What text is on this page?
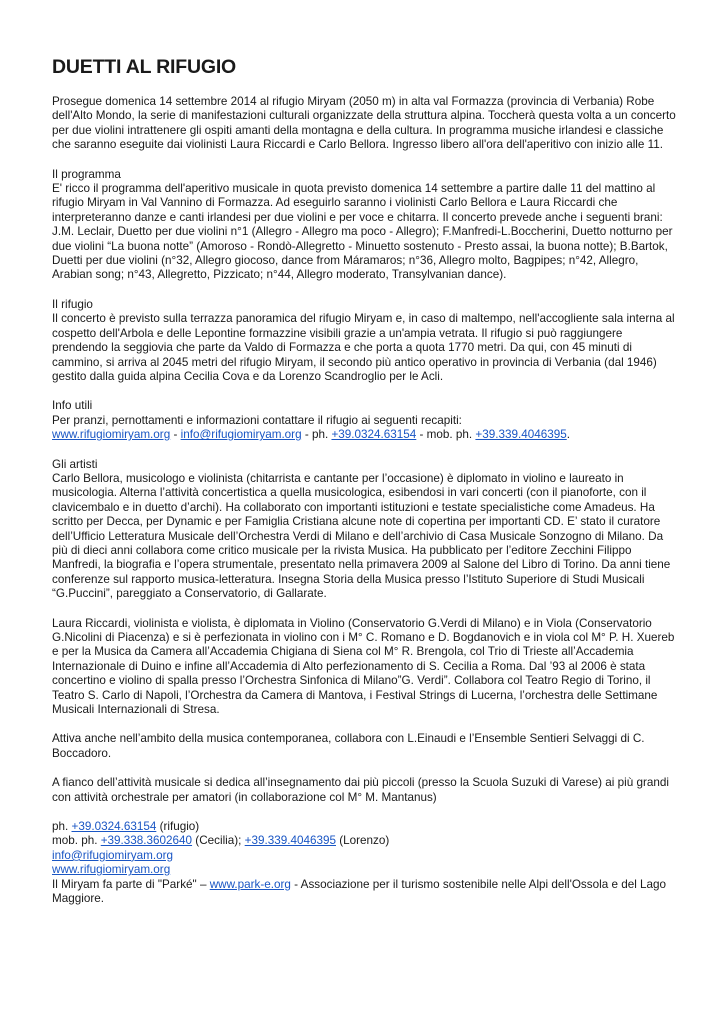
DUETTI AL RIFUGIO

Prosegue domenica 14 settembre 2014 al rifugio Miryam (2050 m) in alta val Formazza (provincia di Verbania) Robe dell'Alto Mondo, la serie di manifestazioni culturali organizzate della struttura alpina. Toccherà questa volta a un concerto per due violini intrattenere gli ospiti amanti della montagna e della cultura. In programma musiche irlandesi e classiche che saranno eseguite dai violinisti Laura Riccardi e Carlo Bellora. Ingresso libero all'ora dell'aperitivo con inizio alle 11.

Il programma
E' ricco il programma dell'aperitivo musicale in quota previsto domenica 14 settembre a partire dalle 11 del mattino al rifugio Miryam in Val Vannino di Formazza. Ad eseguirlo saranno i violinisti Carlo Bellora e Laura Riccardi che interpreteranno danze e canti irlandesi per due violini e per voce e chitarra. Il concerto prevede anche i seguenti brani: J.M. Leclair, Duetto per due violini n°1 (Allegro - Allegro ma poco - Allegro); F.Manfredi-L.Boccherini, Duetto notturno per due violini “La buona notte” (Amoroso - Rondò-Allegretto - Minuetto sostenuto - Presto assai, la buona notte); B.Bartok, Duetti per due violini (n°32, Allegro giocoso, dance from Máramaros; n°36, Allegro molto, Bagpipes; n°42, Allegro, Arabian song; n°43, Allegretto, Pizzicato; n°44, Allegro moderato, Transylvanian dance).

Il rifugio
Il concerto è previsto sulla terrazza panoramica del rifugio Miryam e, in caso di maltempo, nell'accogliente sala interna al cospetto dell'Arbola e delle Lepontine formazzine visibili grazie a un'ampia vetrata. Il rifugio si può raggiungere prendendo la seggiovia che parte da Valdo di Formazza e che porta a quota 1770 metri. Da qui, con 45 minuti di cammino, si arriva al 2045 metri del rifugio Miryam, il secondo più antico operativo in provincia di Verbania (dal 1946) gestito dalla guida alpina Cecilia Cova e da Lorenzo Scandroglio per le Acli.

Info utili
Per pranzi, pernottamenti e informazioni contattare il rifugio ai seguenti recapiti:
www.rifugiomiryam.org - info@rifugiomiryam.org - ph. +39.0324.63154 - mob. ph. +39.339.4046395.

Gli artisti
Carlo Bellora, musicologo e violinista (chitarrista e cantante per l’occasione) è diplomato in violino e laureato in musicologia. Alterna l’attività concertistica a quella musicologica, esibendosi in vari concerti (con il pianoforte, con il clavicembalo e in duetto d’archi). Ha collaborato con importanti istituzioni e testate specialistiche come Amadeus. Ha scritto per Decca, per Dynamic e per Famiglia Cristiana alcune note di copertina per importanti CD. E’ stato il curatore dell’Ufficio Letteratura Musicale dell’Orchestra Verdi di Milano e dell’archivio di Casa Musicale Sonzogno di Milano. Da più di dieci anni collabora come critico musicale per la rivista Musica. Ha pubblicato per l’editore Zecchini Filippo Manfredi, la biografia e l’opera strumentale, presentato nella primavera 2009 al Salone del Libro di Torino. Da anni tiene conferenze sul rapporto musica-letteratura. Insegna Storia della Musica presso l’Istituto Superiore di Studi Musicali “G.Puccini”, pareggiato a Conservatorio, di Gallarate.

Laura Riccardi, violinista e violista, è diplomata in Violino (Conservatorio G.Verdi di Milano) e in Viola (Conservatorio G.Nicolini di Piacenza) e si è perfezionata in violino con i M° C. Romano e D. Bogdanovich e in viola col M° P. H. Xuereb e per la Musica da Camera all’Accademia Chigiana di Siena col M° R. Brengola, col Trio di Trieste all’Accademia Internazionale di Duino e infine all’Accademia di Alto perfezionamento di S. Cecilia a Roma. Dal ’93 al 2006 è stata concertino e violino di spalla presso l’Orchestra Sinfonica di Milano”G. Verdi”. Collabora col Teatro Regio di Torino, il Teatro S. Carlo di Napoli, l’Orchestra da Camera di Mantova, i Festival Strings di Lucerna, l’orchestra delle Settimane Musicali Internazionali di Stresa.

Attiva anche nell’ambito della musica contemporanea, collabora con L.Einaudi e l’Ensemble Sentieri Selvaggi di C. Boccadoro.

A fianco dell’attività musicale si dedica all’insegnamento dai più piccoli (presso la Scuola Suzuki di Varese) ai più grandi con attività orchestrale per amatori (in collaborazione col M° M. Mantanus)

ph. +39.0324.63154 (rifugio)
mob. ph. +39.338.3602640 (Cecilia); +39.339.4046395 (Lorenzo)
info@rifugiomiryam.org
www.rifugiomiryam.org
Il Miryam fa parte di "Parké" – www.park-e.org - Associazione per il turismo sostenibile nelle Alpi dell'Ossola e del Lago Maggiore.
